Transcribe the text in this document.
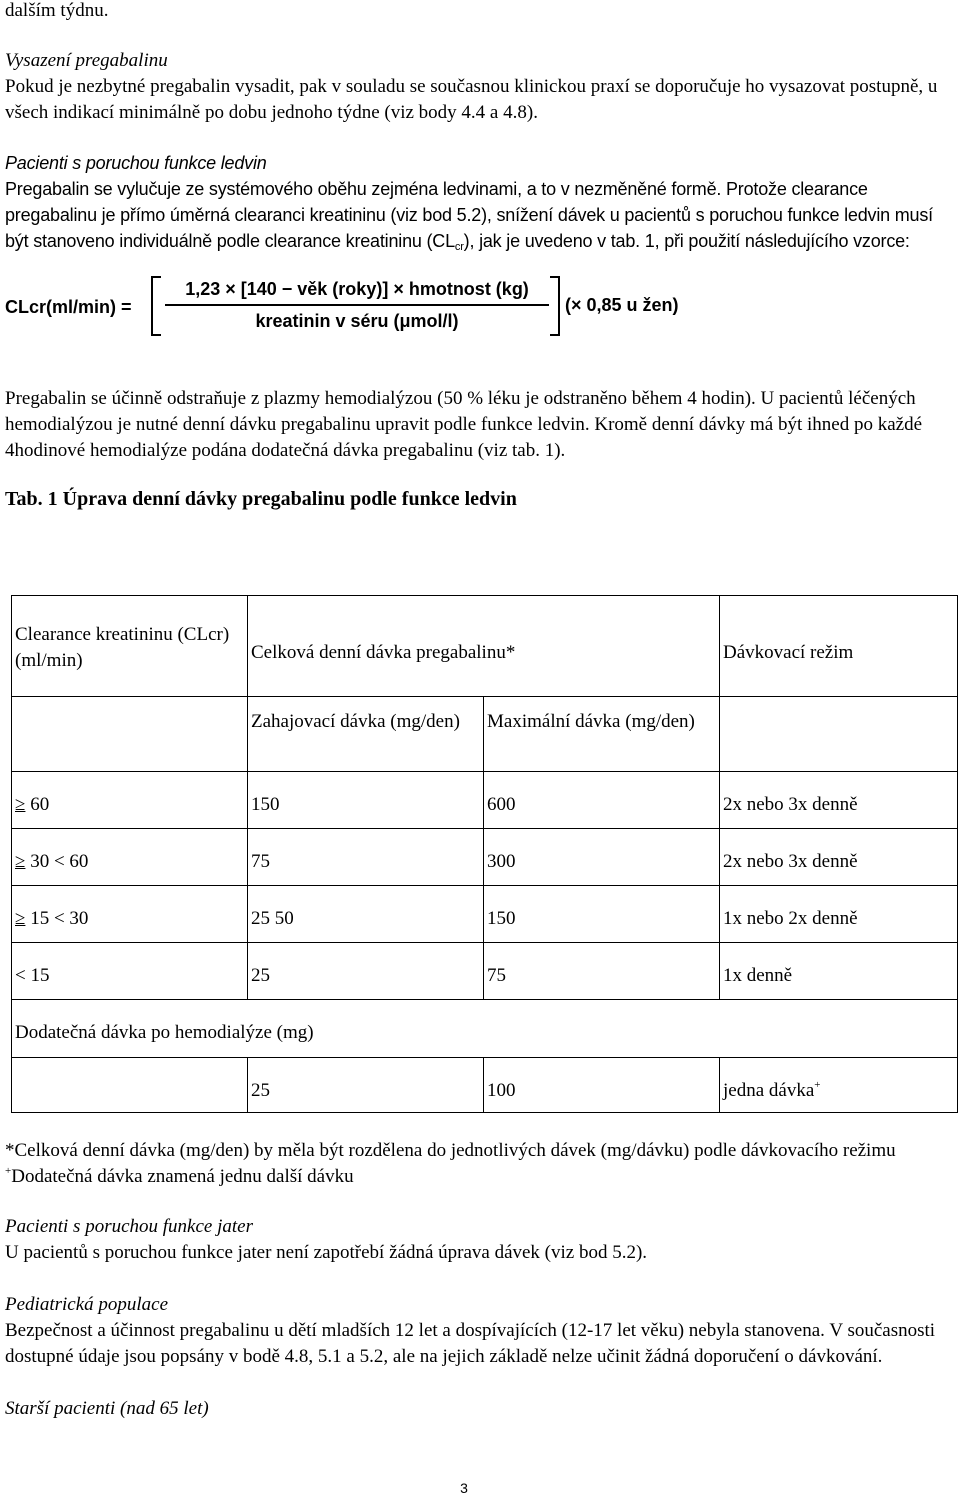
dalším týdnu.

Vysazení pregabalinu

Pokud je nezbytné pregabalin vysadit, pak v souladu se současnou klinickou praxí se doporučuje ho vysazovat postupně, u všech indikací minimálně po dobu jednoho týdne (viz body 4.4 a 4.8).

Pacienti s poruchou funkce ledvin

Pregabalin se vylučuje ze systémového oběhu zejména ledvinami, a to v nezměněné formě. Protože clearance pregabalinu je přímo úměrná clearanci kreatininu (viz bod 5.2), snížení dávek u pacientů s poruchou funkce ledvin musí být stanoveno individuálně podle clearance kreatininu $(CL_{cr})$, jak je uvedeno v tab. 1, při použití následujícího vzorce:

CLcr(ml/min) =
1,23 × [140 − věk (roky)] × hmotnost (kg)
kreatinin v séru (μmol/l)
(× 0,85 u žen)

Pregabalin se účinně odstraňuje z plazmy hemodialýzou (50 % léku je odstraněno během 4 hodin). U pacientů léčených hemodialýzou je nutné denní dávku pregabalinu upravit podle funkce ledvin. Kromě denní dávky má být ihned po každé 4hodinové hemodialýze podána dodatečná dávka pregabalinu (viz tab. 1).

Tab. 1 Úprava denní dávky pregabalinu podle funkce ledvin

Clearance kreatininu (CLcr) (ml/min)	Celková denní dávka pregabalinu*		Dávkovací režim
	Zahajovací dávka (mg/den)	Maximální dávka (mg/den)	
≥ 60	150	600	2x nebo 3x denně
≥ 30 < 60	75	300	2x nebo 3x denně
≥ 15 < 30	25 50	150	1x nebo 2x denně
< 15	25	75	1x denně
Dodatečná dávka po hemodialýze (mg)			
	25	100	jedna dávka+

*Celková denní dávka (mg/den) by měla být rozdělena do jednotlivých dávek (mg/dávku) podle dávkovacího režimu

+Dodatečná dávka znamená jednu další dávku

Pacienti s poruchou funkce jater

U pacientů s poruchou funkce jater není zapotřebí žádná úprava dávek (viz bod 5.2).

Pediatrická populace

Bezpečnost a účinnost pregabalinu u dětí mladších 12 let a dospívajících (12-17 let věku) nebyla stanovena. V současnosti dostupné údaje jsou popsány v bodě 4.8, 5.1 a 5.2, ale na jejich základě nelze učinit žádná doporučení o dávkování.

Starší pacienti (nad 65 let)

3
